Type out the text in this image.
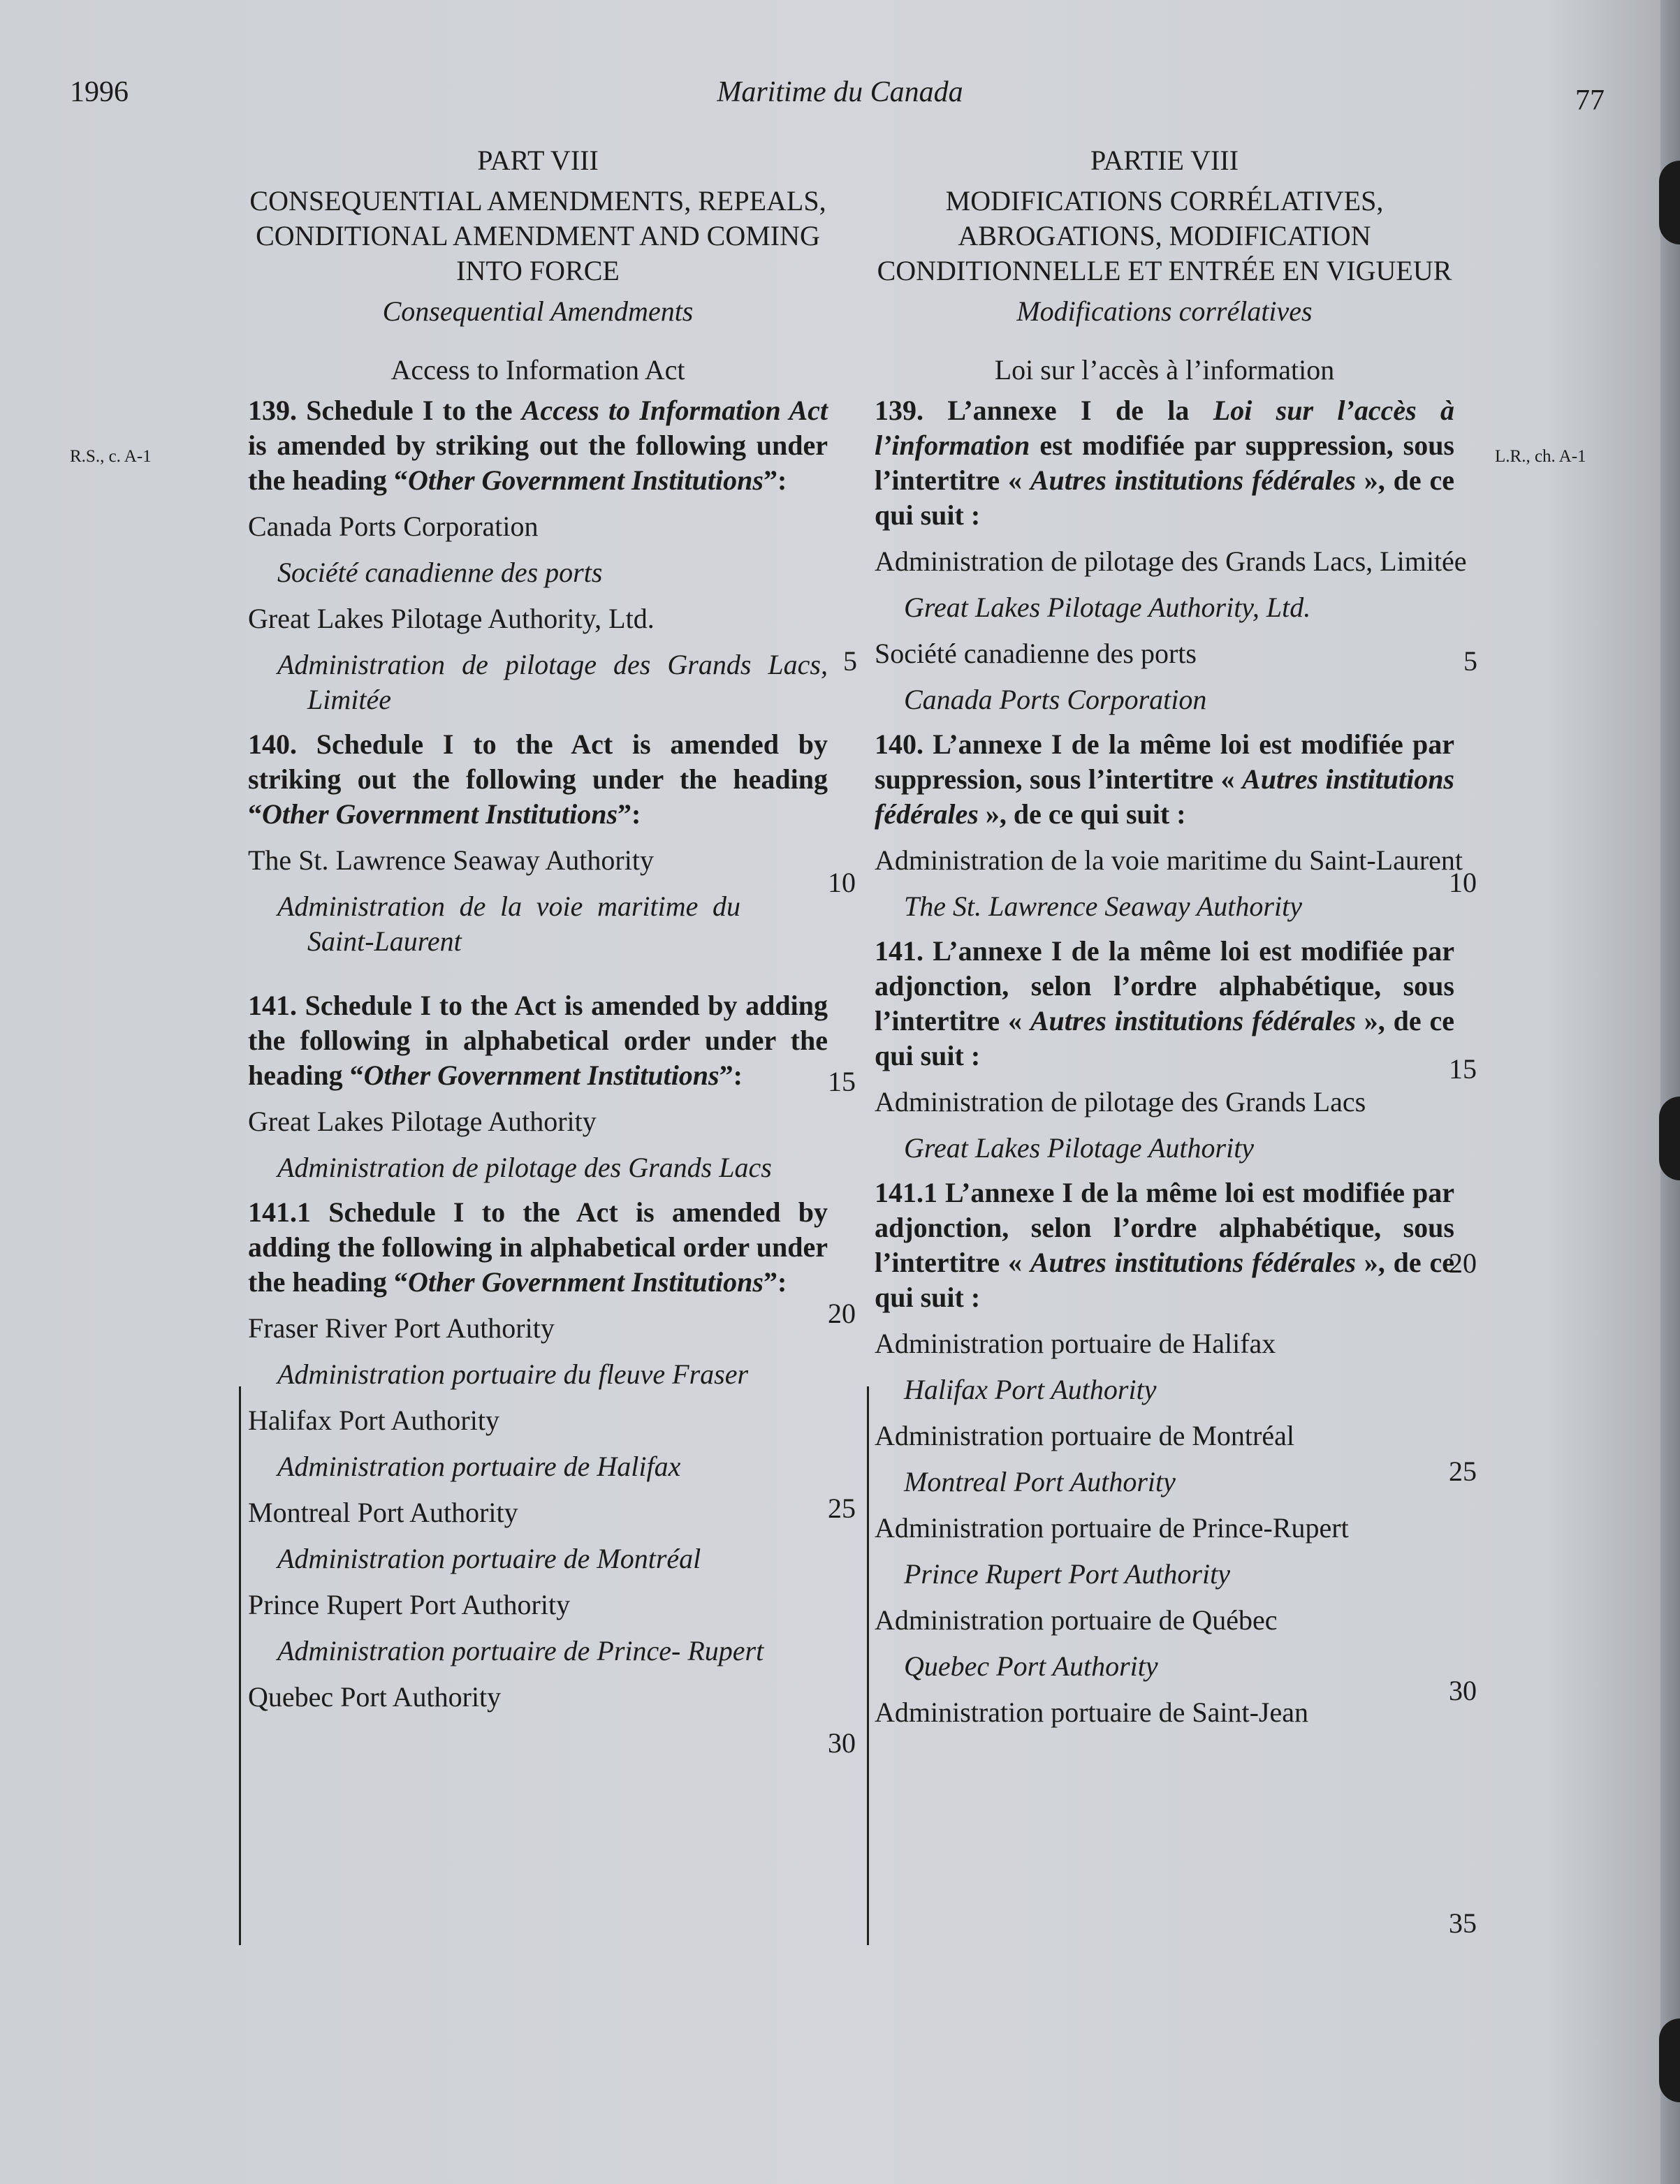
1996	Maritime du Canada	77
R.S., c. A-1	L.R., ch. A-1
PART VIII
CONSEQUENTIAL AMENDMENTS, REPEALS, CONDITIONAL AMENDMENT AND COMING INTO FORCE
Consequential Amendments
Access to Information Act
139. Schedule I to the Access to Information Act is amended by striking out the following under the heading “Other Government Institutions”:
Canada Ports Corporation
Société canadienne des ports
Great Lakes Pilotage Authority, Ltd.
Administration de pilotage des Grands Lacs, Limitée
140. Schedule I to the Act is amended by striking out the following under the heading “Other Government Institutions”:
The St. Lawrence Seaway Authority
Administration de la voie maritime du Saint-Laurent
141. Schedule I to the Act is amended by adding the following in alphabetical order under the heading “Other Government Institutions”:
Great Lakes Pilotage Authority
Administration de pilotage des Grands Lacs
141.1 Schedule I to the Act is amended by adding the following in alphabetical order under the heading “Other Government Institutions”:
Fraser River Port Authority
Administration portuaire du fleuve Fraser
Halifax Port Authority
Administration portuaire de Halifax
Montreal Port Authority
Administration portuaire de Montréal
Prince Rupert Port Authority
Administration portuaire de Prince- Rupert
Quebec Port Authority
PARTIE VIII
MODIFICATIONS CORRÉLATIVES, ABROGATIONS, MODIFICATION CONDITIONNELLE ET ENTRÉE EN VIGUEUR
Modifications corrélatives
Loi sur l’accès à l’information
139. L’annexe I de la Loi sur l’accès à l’information est modifiée par suppression, sous l’intertitre « Autres institutions fédérales », de ce qui suit :
Administration de pilotage des Grands Lacs, Limitée
Great Lakes Pilotage Authority, Ltd.
Société canadienne des ports
Canada Ports Corporation
140. L’annexe I de la même loi est modifiée par suppression, sous l’intertitre « Autres institutions fédérales », de ce qui suit :
Administration de la voie maritime du Saint-Laurent
The St. Lawrence Seaway Authority
141. L’annexe I de la même loi est modifiée par adjonction, selon l’ordre alphabétique, sous l’intertitre « Autres institutions fédérales », de ce qui suit :
Administration de pilotage des Grands Lacs
Great Lakes Pilotage Authority
141.1 L’annexe I de la même loi est modifiée par adjonction, selon l’ordre alphabétique, sous l’intertitre « Autres institutions fédérales », de ce qui suit :
Administration portuaire de Halifax
Halifax Port Authority
Administration portuaire de Montréal
Montreal Port Authority
Administration portuaire de Prince-Rupert
Prince Rupert Port Authority
Administration portuaire de Québec
Quebec Port Authority
Administration portuaire de Saint-Jean
5
10
15
20
25
30
5
10
15
20
25
30
35
